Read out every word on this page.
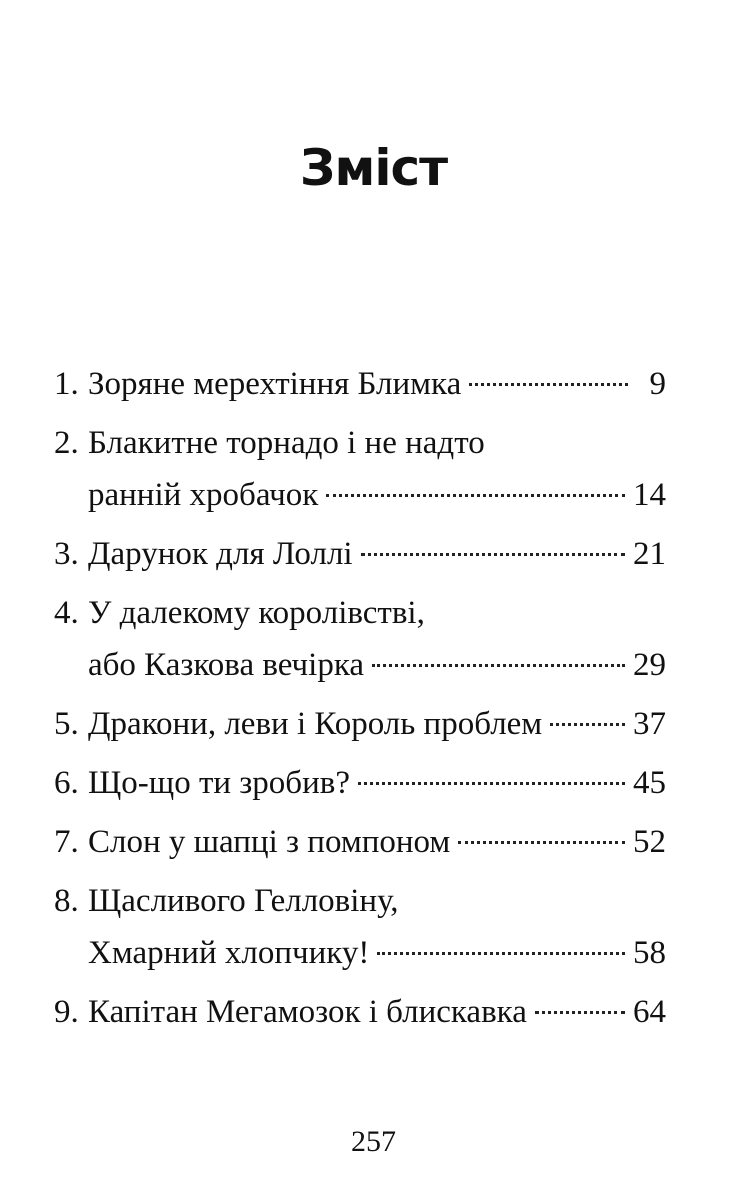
Зміст
1. Зоряне мерехтіння Блимка	9
2. Блакитне торнадо і не надто
ранній хробачок	14
3. Дарунок для Лоллі	21
4. У далекому королівстві,
або Казкова вечірка	29
5. Дракони, леви і Король проблем	37
6. Що-що ти зробив?	45
7. Слон у шапці з помпоном	52
8. Щасливого Гелловіну,
Хмарний хлопчику!	58
9. Капітан Мегамозок і блискавка	64
257
